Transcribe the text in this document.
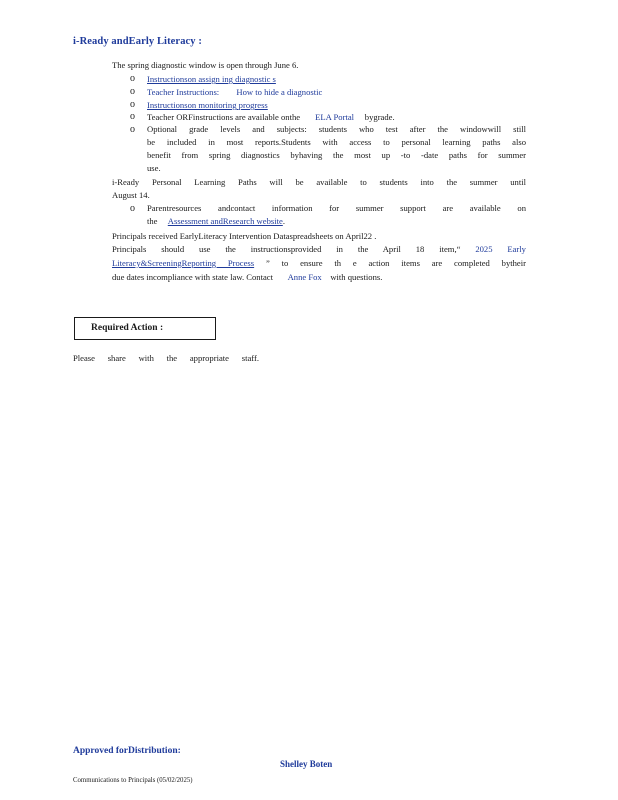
i-Ready andEarly Literacy :
The spring diagnostic window is open through June 6.
o	Instructionson assign ing diagnostic s
o	Teacher Instructions: How to hide a diagnostic
o	Instructionson monitoring progress
o	Teacher ORFinstructions are available onthe ELA Portal bygrade.
o	Optional grade levels and subjects: students who test after the windowwill still
be included in most reports.Students with access to personal learning paths also
benefit from spring diagnostics byhaving the most up -to -date paths for summer
use.
i-Ready Personal Learning Paths will be available to students into the summer until
August 14.
o	Parentresources andcontact information for summer support are available on
the Assessment andResearch website.
Principals received EarlyLiteracy Intervention Dataspreadsheets on April22 .
Principals should use the instructionsprovided in the April 18 item,“ 2025 Early
Literacy&ScreeningReporting Process ” to ensure th e action items are completed bytheir
due dates incompliance with state law. Contact Anne Fox with questions.
Required Action :
Please share with the appropriate staff.
Approved forDistribution:
Shelley Boten
Communications to Principals (05/02/2025)
